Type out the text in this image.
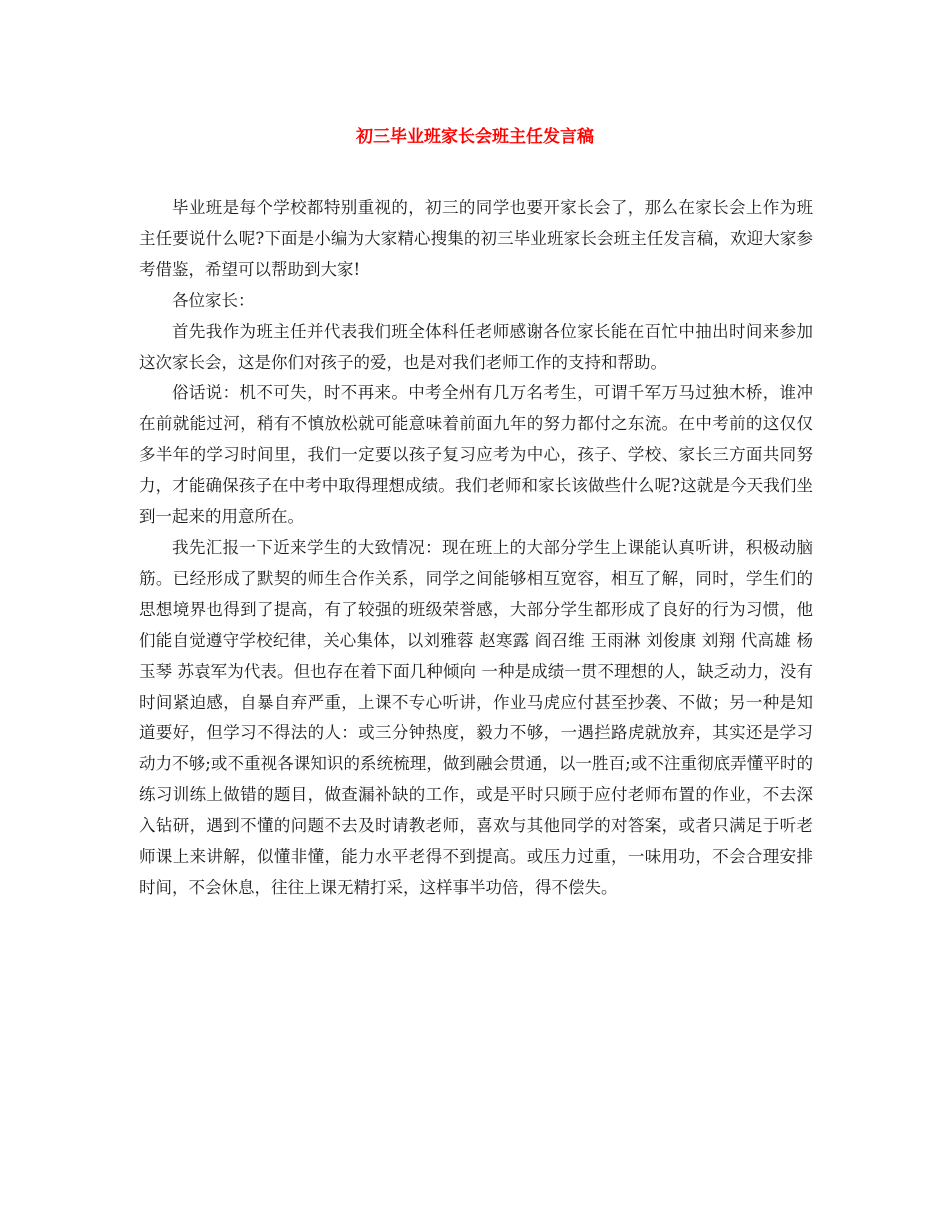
初三毕业班家长会班主任发言稿

毕业班是每个学校都特别重视的，初三的同学也要开家长会了，那么在家长会上作为班主任要说什么呢?下面是小编为大家精心搜集的初三毕业班家长会班主任发言稿，欢迎大家参考借鉴，希望可以帮助到大家!

各位家长：

首先我作为班主任并代表我们班全体科任老师感谢各位家长能在百忙中抽出时间来参加这次家长会，这是你们对孩子的爱，也是对我们老师工作的支持和帮助。

俗话说：机不可失，时不再来。中考全州有几万名考生，可谓千军万马过独木桥，谁冲在前就能过河，稍有不慎放松就可能意味着前面九年的努力都付之东流。在中考前的这仅仅多半年的学习时间里，我们一定要以孩子复习应考为中心，孩子、学校、家长三方面共同努力，才能确保孩子在中考中取得理想成绩。我们老师和家长该做些什么呢?这就是今天我们坐到一起来的用意所在。

我先汇报一下近来学生的大致情况：现在班上的大部分学生上课能认真听讲，积极动脑筋。已经形成了默契的师生合作关系，同学之间能够相互宽容，相互了解，同时，学生们的思想境界也得到了提高，有了较强的班级荣誉感，大部分学生都形成了良好的行为习惯，他们能自觉遵守学校纪律，关心集体，以刘雅蓉 赵寒露 阎召维 王雨淋 刘俊康 刘翔 代高雄 杨玉琴 苏袁军为代表。但也存在着下面几种倾向 一种是成绩一贯不理想的人，缺乏动力，没有时间紧迫感，自暴自弃严重，上课不专心听讲，作业马虎应付甚至抄袭、不做；另一种是知道要好，但学习不得法的人：或三分钟热度，毅力不够，一遇拦路虎就放弃，其实还是学习动力不够;或不重视各课知识的系统梳理，做到融会贯通，以一胜百;或不注重彻底弄懂平时的练习训练上做错的题目，做查漏补缺的工作，或是平时只顾于应付老师布置的作业，不去深入钻研，遇到不懂的问题不去及时请教老师，喜欢与其他同学的对答案，或者只满足于听老师课上来讲解，似懂非懂，能力水平老得不到提高。或压力过重，一味用功，不会合理安排时间，不会休息，往往上课无精打采，这样事半功倍，得不偿失。
